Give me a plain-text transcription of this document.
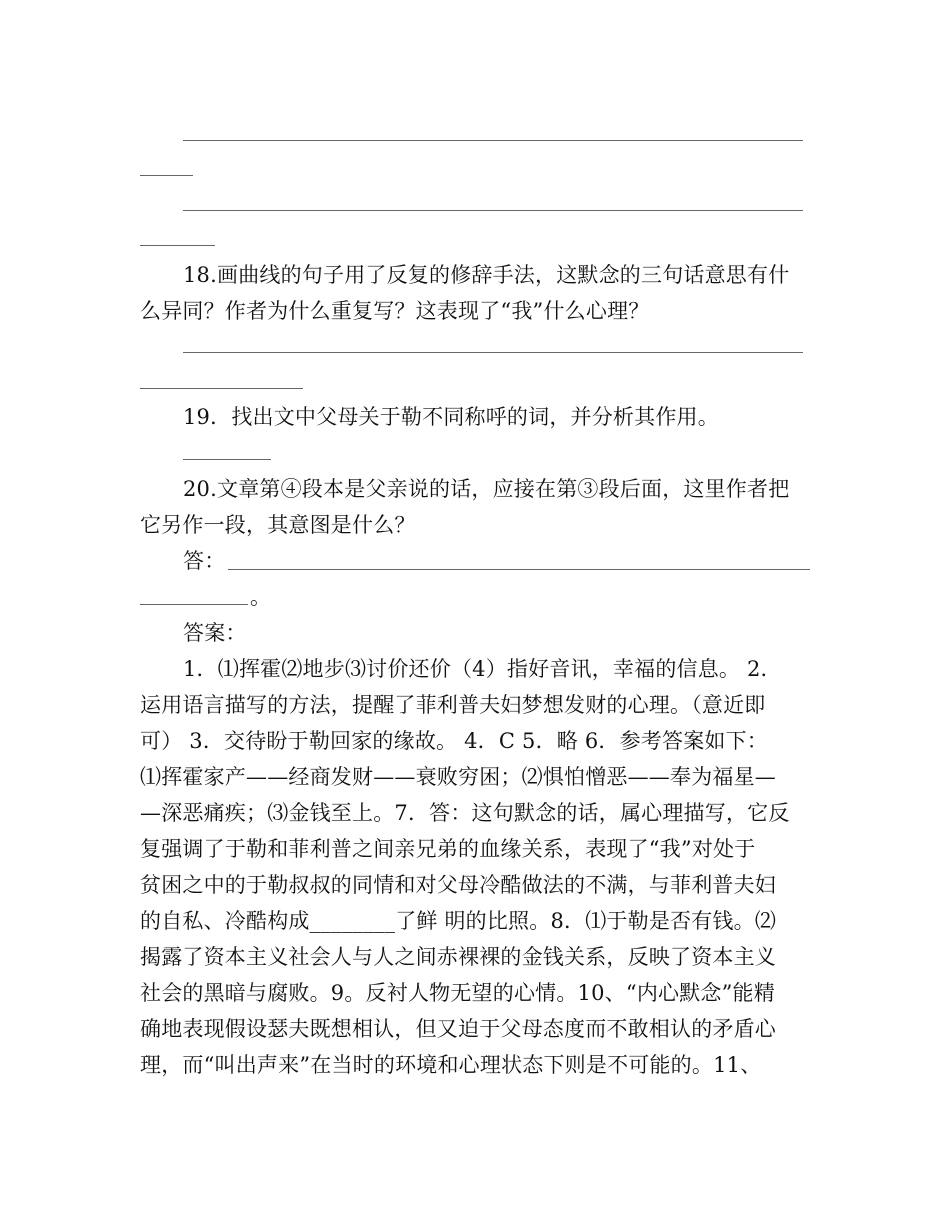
18.画曲线的句子用了反复的修辞手法，这默念的三句话意思有什
么异同？作者为什么重复写？这表现了“我”什么心理？
19．找出文中父母关于勒不同称呼的词，并分析其作用。
20.文章第④段本是父亲说的话，应接在第③段后面，这里作者把
它另作一段，其意图是什么？
答：
。
答案：
1．⑴挥霍⑵地步⑶讨价还价（4）指好音讯，幸福的信息。 2．
运用语言描写的方法，提醒了菲利普夫妇梦想发财的心理。（意近即
可） 3．交待盼于勒回家的缘故。 4．C 5．略 6．参考答案如下：
⑴挥霍家产——经商发财——衰败穷困；⑵惧怕憎恶——奉为福星—
—深恶痛疾；⑶金钱至上。7．答：这句默念的话，属心理描写，它反
复强调了于勒和菲利普之间亲兄弟的血缘关系，表现了“我”对处于
贫困之中的于勒叔叔的同情和对父母冷酷做法的不满，与菲利普夫妇
的自私、冷酷构成________了鲜 明的比照。8．⑴于勒是否有钱。⑵
揭露了资本主义社会人与人之间赤裸裸的金钱关系，反映了资本主义
社会的黑暗与腐败。9。反衬人物无望的心情。10、“内心默念”能精
确地表现假设瑟夫既想相认，但又迫于父母态度而不敢相认的矛盾心
理，而“叫出声来”在当时的环境和心理状态下则是不可能的。11、
